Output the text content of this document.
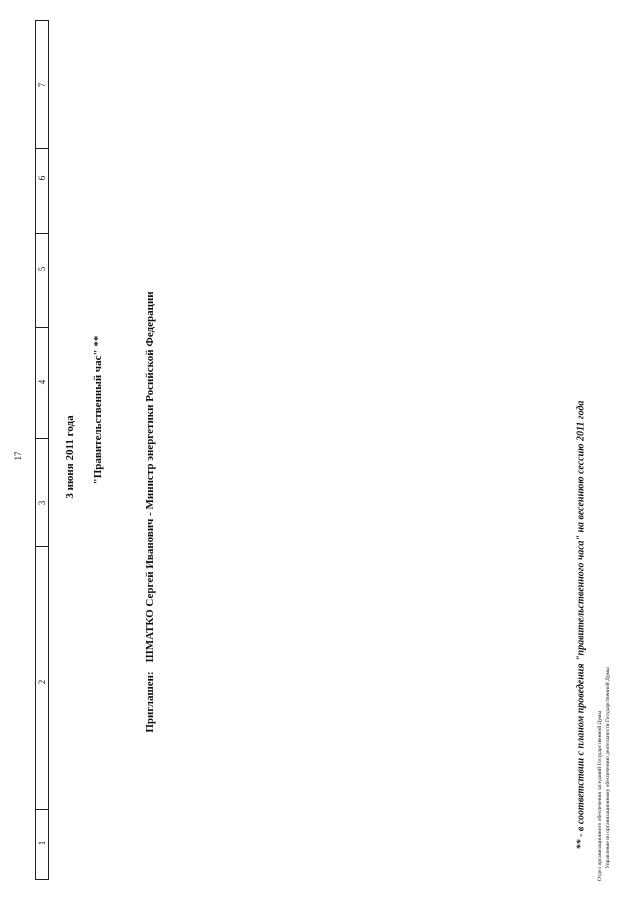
1
2
3
4
5
6
7
17	3 июня 2011 года "Правительственный час" **
Приглашен:ШМАТКО Сергей Иванович - Министр энергетики Росийской Федерации	** - в соответствии с планом проведения "правительственного часа" на весеннюю сессию 2011 года Отдел организационного обеспечения заседаний Государственной Думы Управление по организационному обеспечению деятельности Государственной Думы
